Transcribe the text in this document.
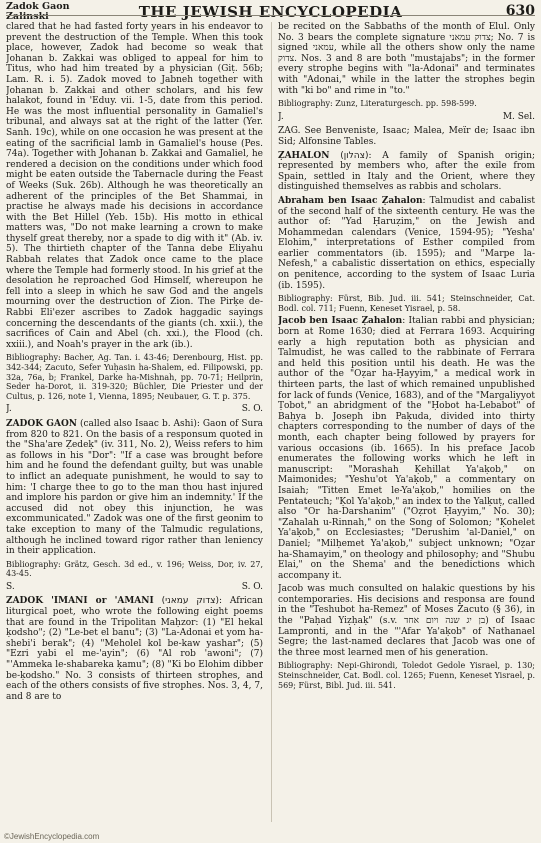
Zadok Gaon
Zalinski	THE JEWISH ENCYCLOPEDIA	630

clared that he had fasted forty years in his endeavor to prevent the destruction of the Temple. When this took place, however, Zadok had become so weak that Johanan b. Zakkai was obliged to appeal for him to Titus, who had him treated by a physician (Giṭ. 56b; Lam. R. i. 5). Zadok moved to Jabneh together with Johanan b. Zakkai and other scholars, and his few halakot, found in 'Eduy. vii. 1-5, date from this period. He was the most influential personality in Gamaliel's tribunal, and always sat at the right of the latter (Yer. Sanh. 19c), while on one occasion he was present at the eating of the sacrificial lamb in Gamaliel's house (Pes. 74a). Together with Johanan b. Zakkai and Gamaliel, he rendered a decision on the conditions under which food might be eaten outside the Tabernacle during the Feast of Weeks (Suk. 26b). Although he was theoretically an adherent of the principles of the Bet Shammai, in practise he always made his decisions in accordance with the Bet Hillel (Yeb. 15b). His motto in ethical matters was, "Do not make learning a crown to make thyself great thereby, nor a spade to dig with it" (Ab. iv. 5). The thirtieth chapter of the Tanna debe Eliyahu Rabbah relates that Zadok once came to the place where the Temple had formerly stood. In his grief at the desolation he reproached God Himself, whereupon he fell into a sleep in which he saw God and the angels mourning over the destruction of Zion. The Pirḳe de-Rabbi Eli'ezer ascribes to Zadok haggadic sayings concerning the descendants of the giants (ch. xxii.), the sacrifices of Cain and Abel (ch. xxi.), the Flood (ch. xxiii.), and Noah's prayer in the ark (ib.).

Bibliography: Bacher, Ag. Tan. i. 43-46; Derenbourg, Hist. pp. 342-344; Zacuto, Sefer Yuḥasin ha-Shalem, ed. Filipowski, pp. 32a, 76a, b; Frankel, Darke ha-Mishnah, pp. 70-71; Heilprin, Seder ha-Dorot, ii. 319-320; Büchler, Die Priester und der Cultus, p. 126, note 1, Vienna, 1895; Neubauer, G. T. p. 375.

J.	S. O.

ZADOK GAON (called also Isaac b. Ashi): Gaon of Sura from 820 to 821. On the basis of a responsum quoted in the "Sha'are Ẓedeḳ" (iv. 311, No. 2), Weiss refers to him as follows in his "Dor": "If a case was brought before him and he found the defendant guilty, but was unable to inflict an adequate punishment, he would to say to him: 'I charge thee to go to the man thou hast injured and implore his pardon or give him an indemnity.' If the accused did not obey this injunction, he was excommunicated." Zadok was one of the first geonim to take exception to many of the Talmudic regulations, although he inclined toward rigor rather than leniency in their application.

Bibliography: Grätz, Gesch. 3d ed., v. 196; Weiss, Dor, iv. 27, 43-45.

S.	S. O.

ZADOK 'IMANI or 'AMANI (צדוק עמאני): African liturgical poet, who wrote the following eight poems that are found in the Tripolitan Maḥzor: (1) "El hekal ḳodsho"; (2) "Le-bet el banu"; (3) "La-Adonai et yom ha-shebi'i berak"; (4) "Meholel kol be-kaw yashar"; (5) "Ezri yabi el me-'ayin"; (6) "Al rob 'awoni"; (7) "'Ammeka le-shabareka ḳamu"; (8) "Ki bo Elohim dibber be-ḳodsho." No. 3 consists of thirteen strophes, and each of the others consists of five strophes. Nos. 3, 4, 7, and 8 are to

be recited on the Sabbaths of the month of Elul. Only No. 3 bears the complete signature צדוק עמאני; No. 7 is signed עמאני, while all the others show only the name צדוק. Nos. 3 and 8 are both "mustajabs"; in the former every strophe begins with "la-Adonai" and terminates with "Adonai," while in the latter the strophes begin with "ki bo" and rime in "to."

Bibliography: Zunz, Literaturgesch. pp. 598-599.

J.	M. Sel.

ZAG. See Benveniste, Isaac; Malea, Meïr de; Isaac ibn Sid; Alfonsine Tables.

ẒAHALON (צהלון): A family of Spanish origin; represented by members who, after the exile from Spain, settled in Italy and the Orient, where they distinguished themselves as rabbis and scholars.

Abraham ben Isaac Ẓahalon: Talmudist and cabalist of the second half of the sixteenth century. He was the author of: "Yad Ḥaruẓim," on the Jewish and Mohammedan calendars (Venice, 1594-95); "Yesha' Elohim," interpretations of Esther compiled from earlier commentators (ib. 1595); and "Marpe la-Nefesh," a cabalistic dissertation on ethics, especially on penitence, according to the system of Isaac Luria (ib. 1595).

Bibliography: Fürst, Bib. Jud. iii. 541; Steinschneider, Cat. Bodl. col. 711; Fuenn, Keneset Yisrael, p. 58.

Jacob ben Isaac Ẓahalon: Italian rabbi and physician; born at Rome 1630; died at Ferrara 1693. Acquiring early a high reputation both as physician and Talmudist, he was called to the rabbinate of Ferrara and held this position until his death. He was the author of the "Oẓar ha-Ḥayyim," a medical work in thirteen parts, the last of which remained unpublished for lack of funds (Venice, 1683), and of the "Margaliyyot Ṭobot," an abridgment of the "Ḥobot ha-Lebabot" of Baḥya b. Joseph ibn Paḳuda, divided into thirty chapters corresponding to the number of days of the month, each chapter being followed by prayers for various occasions (ib. 1665). In his preface Jacob enumerates the following works which he left in manuscript: "Morashah Ḳehillat Ya'aḳob," on Maimonides; "Yeshu'ot Ya'aḳob," a commentary on Isaiah; "Titten Emet le-Ya'aḳob," homilies on the Pentateuch; "Ḳol Ya'aḳob," an index to the Yalḳuṭ, called also "Or ha-Darshanim" ("Oẓrot Ḥayyim," No. 30); "Zahalah u-Rinnah," on the Song of Solomon; "Ḳohelet Ya'aḳob," on Ecclesiastes; "Derushim 'al-Daniel," on Daniel; "Milḥemet Ya'aḳob," subject unknown; "Oẓar ha-Shamayim," on theology and philosophy; and "Shubu Elai," on the Shema' and the benedictions which accompany it.

Jacob was much consulted on halakic questions by his contemporaries. His decisions and responsa are found in the "Teshubot ha-Remez" of Moses Zacuto (§ 36), in the "Paḥad Yiẓḥaḳ" (s.v. בן יג שנה ויום אחד) of Isaac Lampronti, and in the "'Afar Ya'aḳob" of Nathanael Segre; the last-named declares that Jacob was one of the three most learned men of his generation.

Bibliography: Nepi-Ghirondi, Toledot Gedole Yisrael, p. 130; Steinschneider, Cat. Bodl. col. 1265; Fuenn, Keneset Yisrael, p. 569; Fürst, Bibl. Jud. iii. 541.

©JewishEncyclopedia.com
